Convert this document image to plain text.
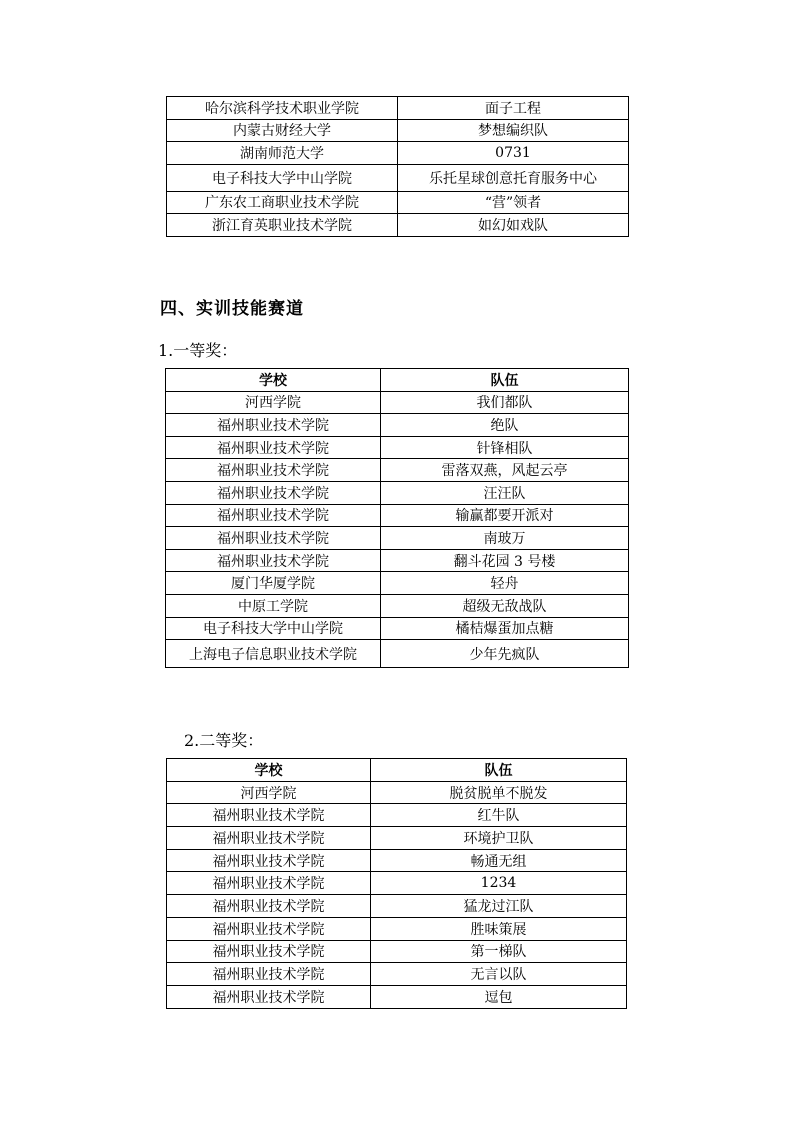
哈尔滨科学技术职业学院	面子工程
内蒙古财经大学	梦想编织队
湖南师范大学	0731
电子科技大学中山学院	乐托星球创意托育服务中心
广东农工商职业技术学院	“营”领者
浙江育英职业技术学院	如幻如戏队
四、实训技能赛道
1.一等奖：
学校	队伍
河西学院	我们都队
福州职业技术学院	绝队
福州职业技术学院	针锋相队
福州职业技术学院	雷落双燕，风起云亭
福州职业技术学院	汪汪队
福州职业技术学院	输赢都要开派对
福州职业技术学院	南玻万
福州职业技术学院	翻斗花园 3 号楼
厦门华厦学院	轻舟
中原工学院	超级无敌战队
电子科技大学中山学院	橘桔爆蛋加点糖
上海电子信息职业技术学院	少年先疯队
2.二等奖：
学校	队伍
河西学院	脱贫脱单不脱发
福州职业技术学院	红牛队
福州职业技术学院	环境护卫队
福州职业技术学院	畅通无组
福州职业技术学院	1234
福州职业技术学院	猛龙过江队
福州职业技术学院	胜味策展
福州职业技术学院	第一梯队
福州职业技术学院	无言以队
福州职业技术学院	逗包
